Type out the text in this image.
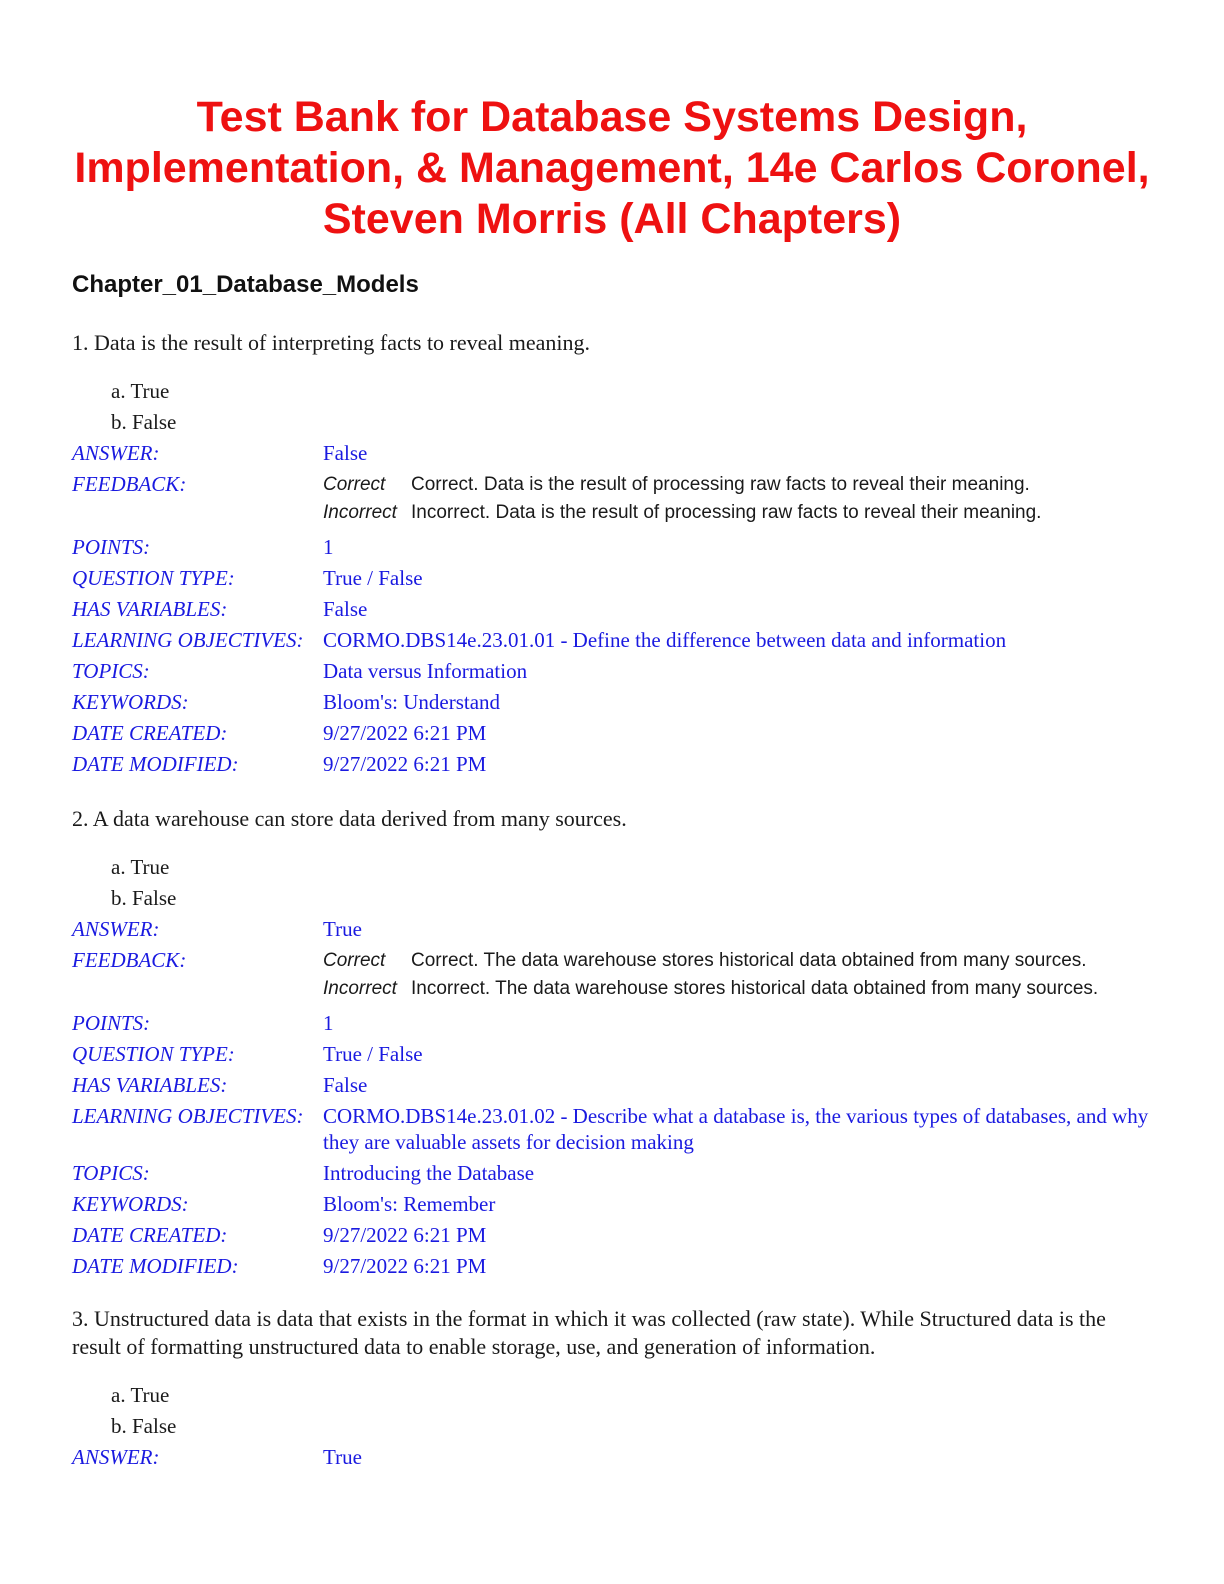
Test Bank for Database Systems Design, Implementation, & Management, 14e Carlos Coronel, Steven Morris (All Chapters)
Chapter_01_Database_Models

1. Data is the result of interpreting facts to reveal meaning.

a. True
b. False
ANSWER:	False
FEEDBACK:	Correct	Correct. Data is the result of processing raw facts to reveal their meaning.
Incorrect Incorrect. Data is the result of processing raw facts to reveal their meaning.
POINTS:	1
QUESTION TYPE:	True / False
HAS VARIABLES:	False
LEARNING OBJECTIVES: CORMO.DBS14e.23.01.01 - Define the difference between data and information
TOPICS:	Data versus Information
KEYWORDS:	Bloom's: Understand
DATE CREATED:	9/27/2022 6:21 PM
DATE MODIFIED:	9/27/2022 6:21 PM

2. A data warehouse can store data derived from many sources.

a. True
b. False
ANSWER:	True
FEEDBACK:	Correct	Correct. The data warehouse stores historical data obtained from many sources.
Incorrect Incorrect. The data warehouse stores historical data obtained from many sources.
POINTS:	1
QUESTION TYPE:	True / False
HAS VARIABLES:	False
LEARNING OBJECTIVES: CORMO.DBS14e.23.01.02 - Describe what a database is, the various types of databases, and why they are valuable assets for decision making
TOPICS:	Introducing the Database
KEYWORDS:	Bloom's: Remember
DATE CREATED:	9/27/2022 6:21 PM
DATE MODIFIED:	9/27/2022 6:21 PM

3. Unstructured data is data that exists in the format in which it was collected (raw state). While Structured data is the result of formatting unstructured data to enable storage, use, and generation of information.

a. True
b. False
ANSWER:	True
